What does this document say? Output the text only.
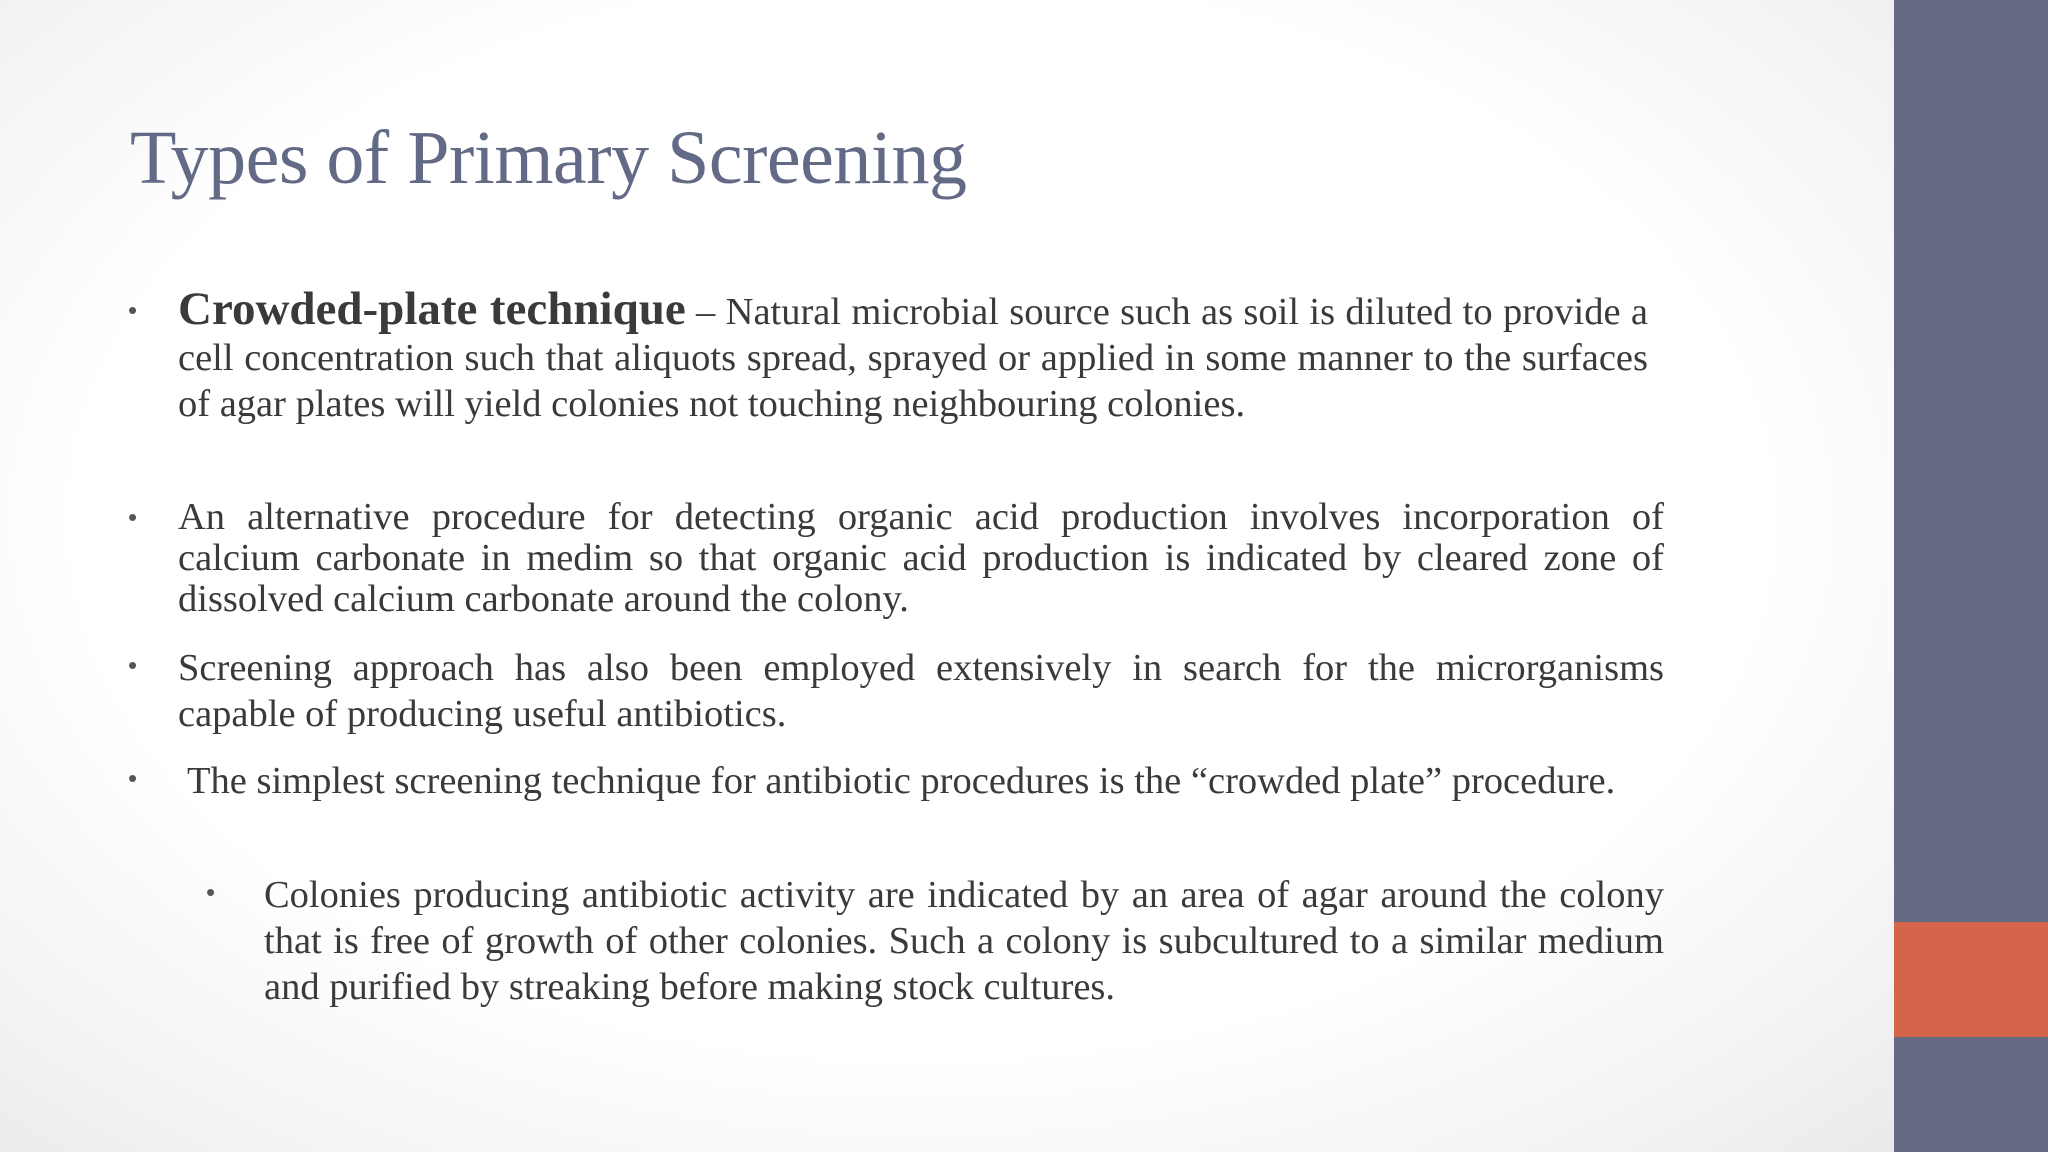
Types of Primary Screening
• Crowded-plate technique – Natural microbial source such as soil is diluted to provide a cell concentration such that aliquots spread, sprayed or applied in some manner to the surfaces of agar plates will yield colonies not touching neighbouring colonies.
• An alternative procedure for detecting organic acid production involves incorporation of calcium carbonate in medim so that organic acid production is indicated by cleared zone of dissolved calcium carbonate around the colony.
• Screening approach has also been employed extensively in search for the microrganisms capable of producing useful antibiotics.
• The simplest screening technique for antibiotic procedures is the “crowded plate” procedure.
• Colonies producing antibiotic activity are indicated by an area of agar around the colony that is free of growth of other colonies. Such a colony is subcultured to a similar medium and purified by streaking before making stock cultures.
